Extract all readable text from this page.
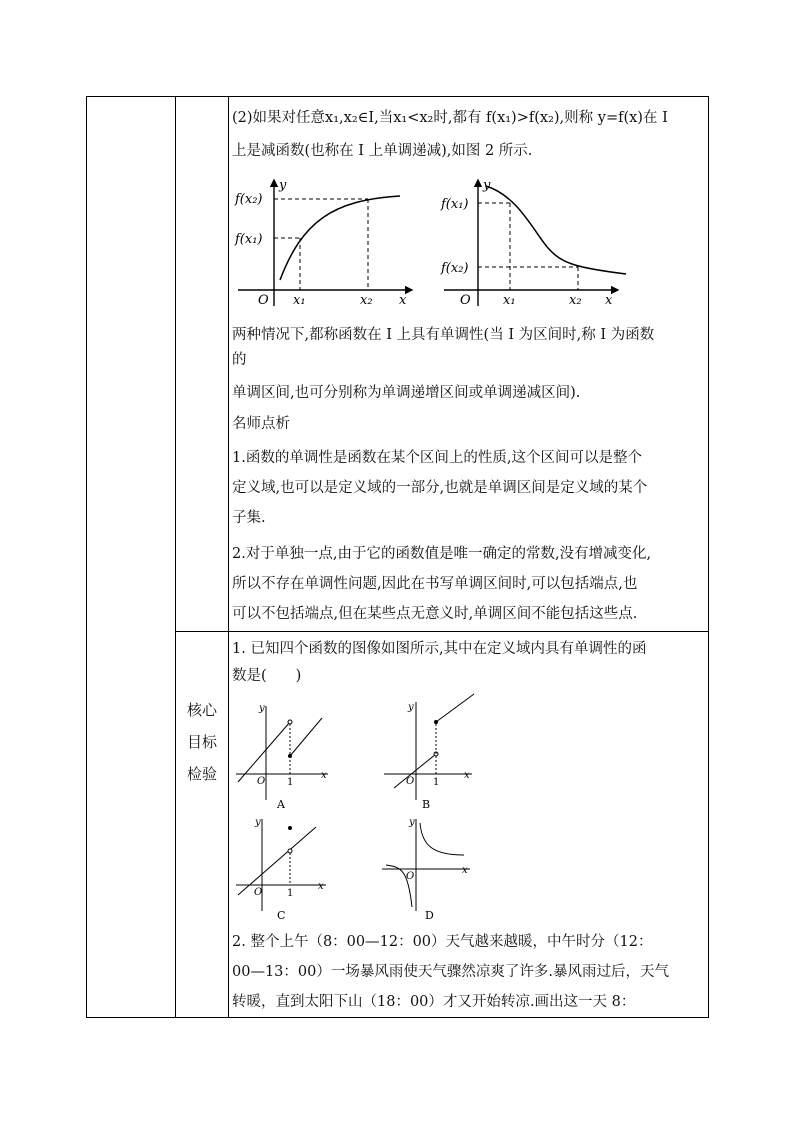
(2)如果对任意x₁,x₂∈I,当x₁<x₂时,都有 f(x₁)>f(x₂),则称 y=f(x)在 I

上是减函数(也称在 I 上单调递减),如图 2 所示.

f(x₂)
f(x₁)
y
O x₁	x₂ x
f(x₁)
f(x₂)
y
O x₁	x₂ x

两种情况下,都称函数在 I 上具有单调性(当 I 为区间时,称 I 为函数

的

单调区间,也可分别称为单调递增区间或单调递减区间).

名师点析

1.函数的单调性是函数在某个区间上的性质,这个区间可以是整个

定义域,也可以是定义域的一部分,也就是单调区间是定义域的某个

子集.

2.对于单独一点,由于它的函数值是唯一确定的常数,没有增减变化,

所以不存在单调性问题,因此在书写单调区间时,可以包括端点,也

可以不包括端点,但在某些点无意义时,单调区间不能包括这些点.

核心
目标
检验

1. 已知四个函数的图像如图所示,其中在定义域内具有单调性的函

数是(　　)

y
O 1
x
A
y
O 1
x
B
y
O 1
x
C
y
O
x
D

2. 整个上午（8：00—12：00）天气越来越暖，中午时分（12：

00—13：00）一场暴风雨使天气骤然凉爽了许多.暴风雨过后，天气

转暖，直到太阳下山（18：00）才又开始转凉.画出这一天 8：
